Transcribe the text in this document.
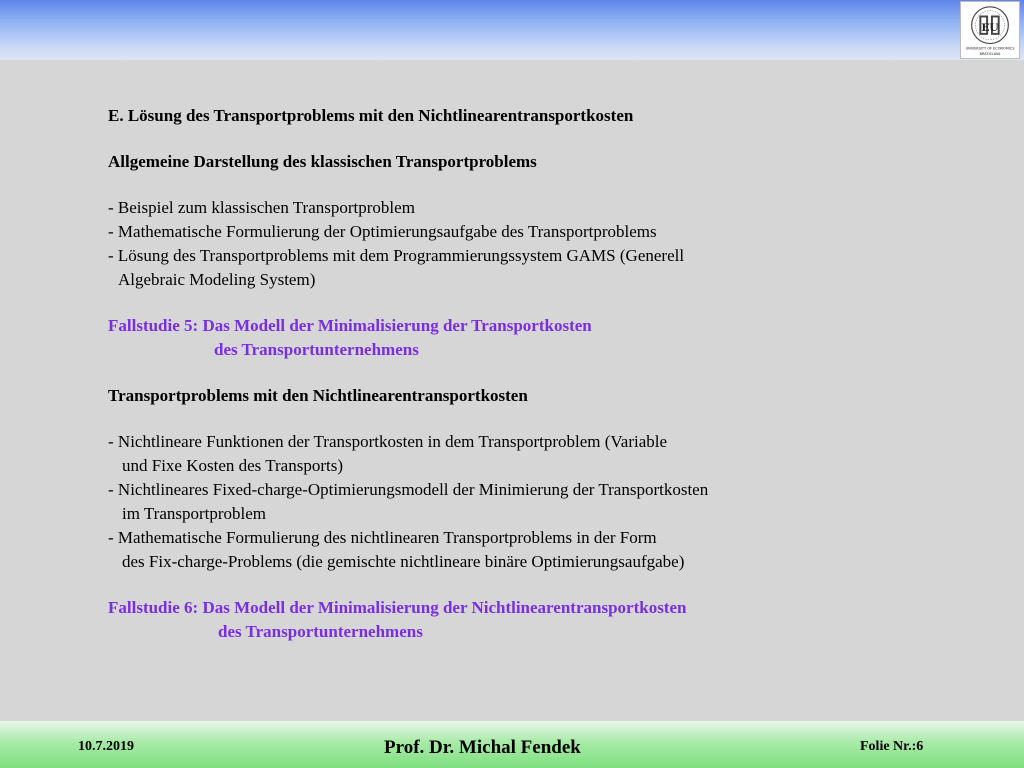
EU
UNIVERSITY OF ECONOMICS
BRATISLAVA
E. Lösung des Transportproblems mit den Nichtlinearentransportkosten
Allgemeine Darstellung des klassischen Transportproblems
- Beispiel zum klassischen Transportproblem
- Mathematische Formulierung der Optimierungsaufgabe des Transportproblems
- Lösung des Transportproblems mit dem Programmierungssystem GAMS (Generell
Algebraic Modeling System)
Fallstudie 5: Das Modell der Minimalisierung der Transportkosten
des Transportunternehmens
Transportproblems mit den Nichtlinearentransportkosten
- Nichtlineare Funktionen der Transportkosten in dem Transportproblem (Variable
und Fixe Kosten des Transports)
- Nichtlineares Fixed-charge-Optimierungsmodell der Minimierung der Transportkosten
im Transportproblem
- Mathematische Formulierung des nichtlinearen Transportproblems in der Form
des Fix-charge-Problems (die gemischte nichtlineare binäre Optimierungsaufgabe)
Fallstudie 6: Das Modell der Minimalisierung der Nichtlinearentransportkosten
des Transportunternehmens
10.7.2019	Prof. Dr. Michal Fendek	Folie Nr.:6
